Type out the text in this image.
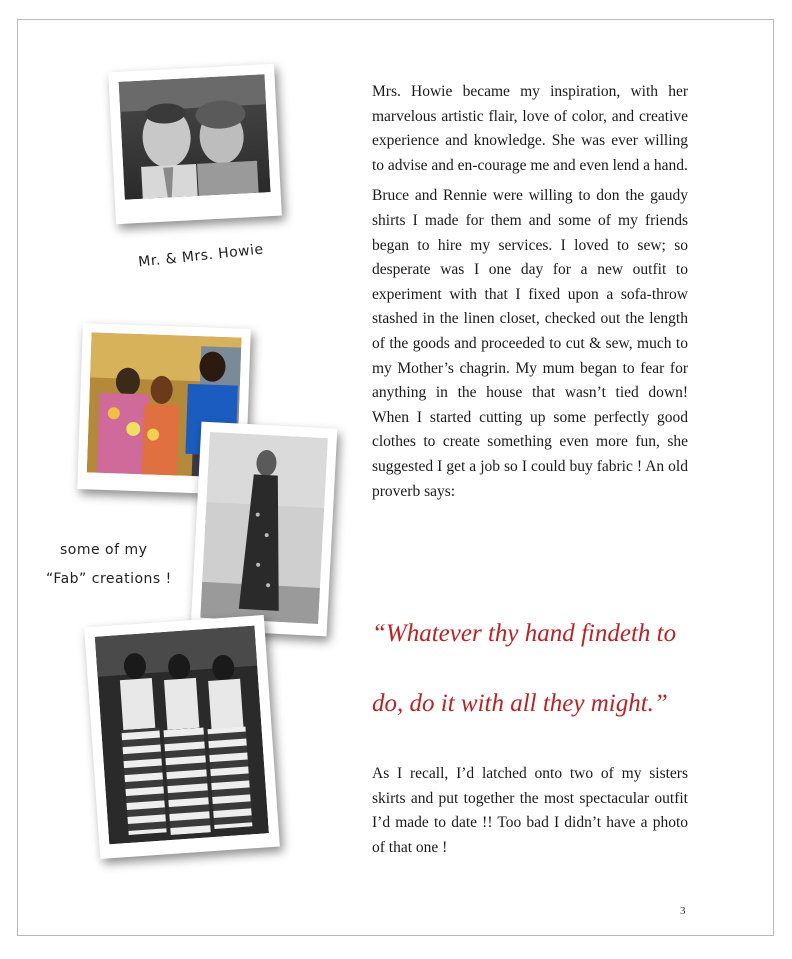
Mr. & Mrs. Howie
some of my
“Fab” creations !

Mrs. Howie became my inspiration, with her marvelous artistic flair, love of color, and creative experience and knowledge. She was ever willing to advise and en-courage me and even lend a hand.

Bruce and Rennie were willing to don the gaudy shirts I made for them and some of my friends began to hire my services. I loved to sew; so desperate was I one day for a new outfit to experiment with that I fixed upon a sofa-throw stashed in the linen closet, checked out the length of the goods and proceeded to cut & sew, much to my Mother’s chagrin. My mum began to fear for anything in the house that wasn’t tied down! When I started cutting up some perfectly good clothes to create something even more fun, she suggested I get a job so I could buy fabric ! An old proverb says:

“Whatever thy hand findeth to
do, do it with all they might.”

As I recall, I’d latched onto two of my sisters skirts and put together the most spectacular outfit I’d made to date !! Too bad I didn’t have a photo of that one !

3
